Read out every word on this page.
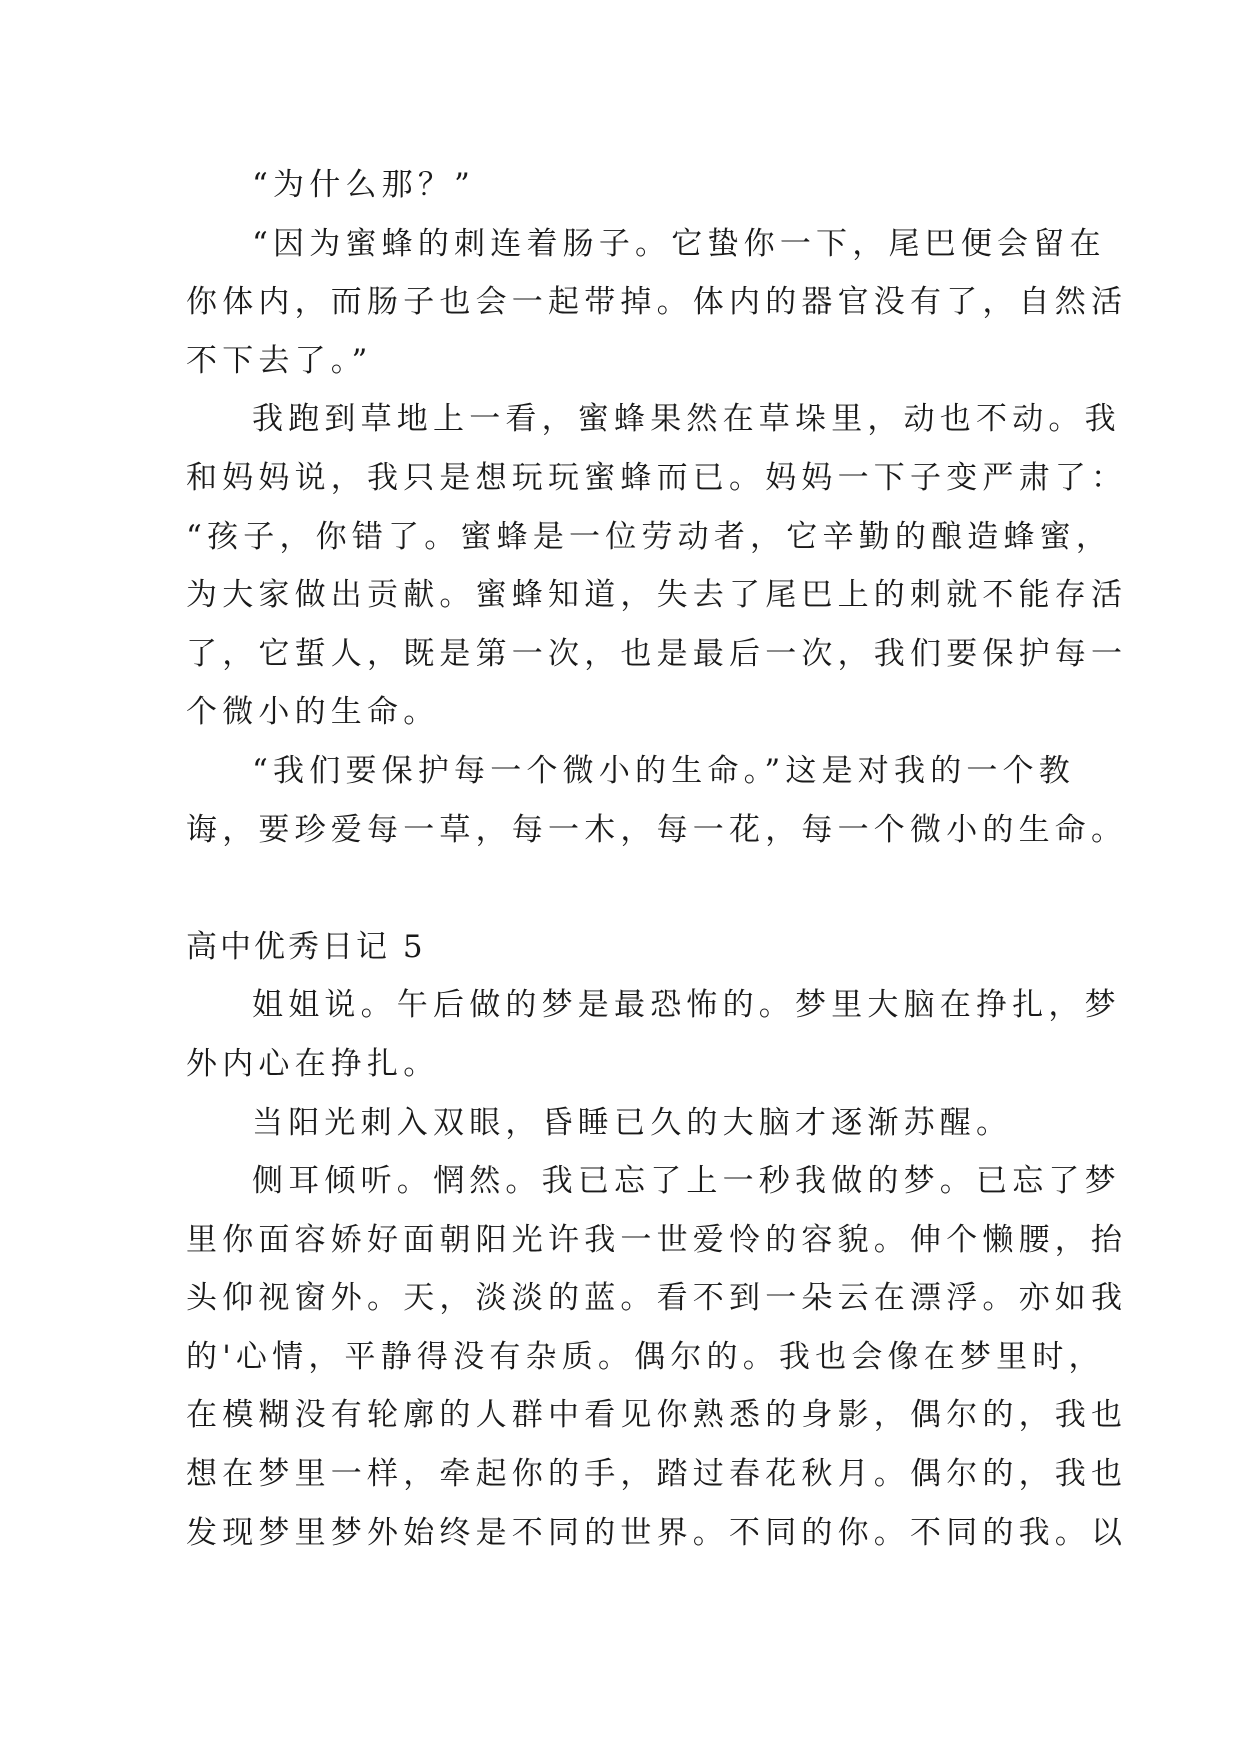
“为什么那？”
“因为蜜蜂的刺连着肠子。它蛰你一下，尾巴便会留在
你体内，而肠子也会一起带掉。体内的器官没有了，自然活
不下去了。”
我跑到草地上一看，蜜蜂果然在草垛里，动也不动。我
和妈妈说，我只是想玩玩蜜蜂而已。妈妈一下子变严肃了：
“孩子，你错了。蜜蜂是一位劳动者，它辛勤的酿造蜂蜜，
为大家做出贡献。蜜蜂知道，失去了尾巴上的刺就不能存活
了，它蜇人，既是第一次，也是最后一次，我们要保护每一
个微小的生命。
“我们要保护每一个微小的生命。”这是对我的一个教
诲，要珍爱每一草，每一木，每一花，每一个微小的生命。
高中优秀日记 5
姐姐说。午后做的梦是最恐怖的。梦里大脑在挣扎，梦
外内心在挣扎。
当阳光刺入双眼，昏睡已久的大脑才逐渐苏醒。
侧耳倾听。惘然。我已忘了上一秒我做的梦。已忘了梦
里你面容娇好面朝阳光许我一世爱怜的容貌。伸个懒腰，抬
头仰视窗外。天，淡淡的蓝。看不到一朵云在漂浮。亦如我
的'心情，平静得没有杂质。偶尔的。我也会像在梦里时，
在模糊没有轮廓的人群中看见你熟悉的身影，偶尔的，我也
想在梦里一样，牵起你的手，踏过春花秋月。偶尔的，我也
发现梦里梦外始终是不同的世界。不同的你。不同的我。以
